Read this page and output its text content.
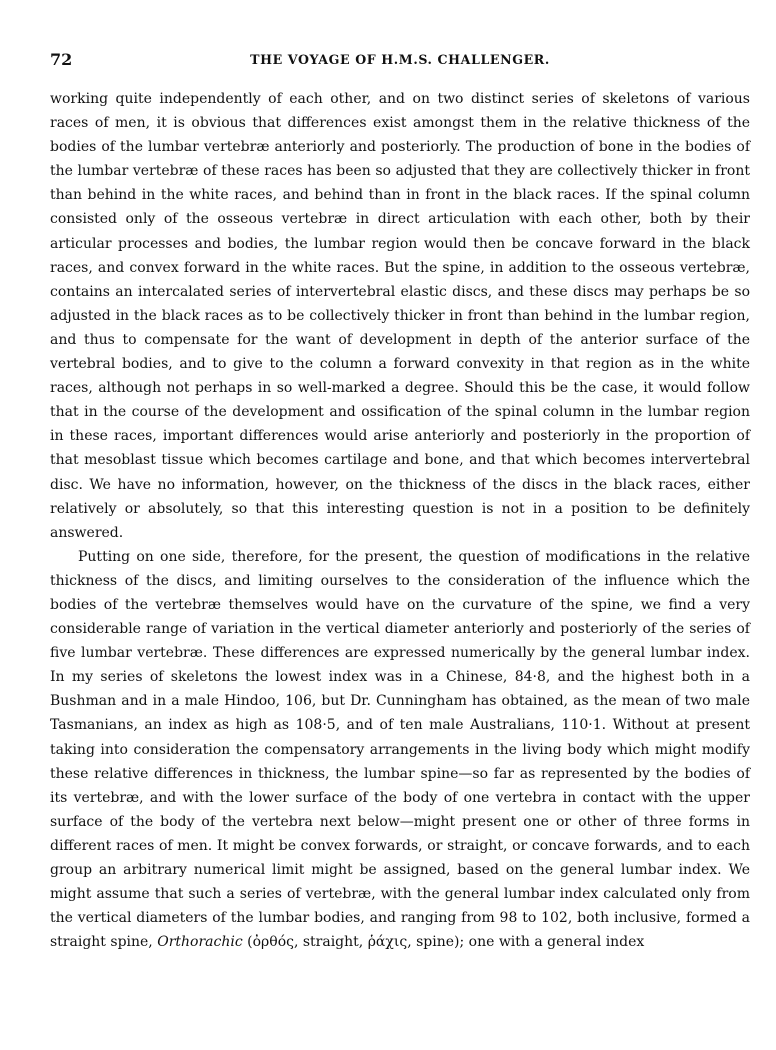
72	THE VOYAGE OF H.M.S. CHALLENGER.

working quite independently of each other, and on two distinct series of skeletons of various races of men, it is obvious that differences exist amongst them in the relative thickness of the bodies of the lumbar vertebræ anteriorly and posteriorly. The production of bone in the bodies of the lumbar vertebræ of these races has been so adjusted that they are collectively thicker in front than behind in the white races, and behind than in front in the black races. If the spinal column consisted only of the osseous vertebræ in direct articulation with each other, both by their articular processes and bodies, the lumbar region would then be concave forward in the black races, and convex forward in the white races. But the spine, in addition to the osseous vertebræ, contains an intercalated series of intervertebral elastic discs, and these discs may perhaps be so adjusted in the black races as to be collectively thicker in front than behind in the lumbar region, and thus to compensate for the want of development in depth of the anterior surface of the vertebral bodies, and to give to the column a forward convexity in that region as in the white races, although not perhaps in so well-marked a degree. Should this be the case, it would follow that in the course of the development and ossification of the spinal column in the lumbar region in these races, important differences would arise anteriorly and posteriorly in the proportion of that mesoblast tissue which becomes cartilage and bone, and that which becomes intervertebral disc. We have no information, however, on the thickness of the discs in the black races, either relatively or absolutely, so that this interesting question is not in a position to be definitely answered.

Putting on one side, therefore, for the present, the question of modifications in the relative thickness of the discs, and limiting ourselves to the consideration of the influence which the bodies of the vertebræ themselves would have on the curvature of the spine, we find a very considerable range of variation in the vertical diameter anteriorly and posteriorly of the series of five lumbar vertebræ. These differences are expressed numerically by the general lumbar index. In my series of skeletons the lowest index was in a Chinese, 84·8, and the highest both in a Bushman and in a male Hindoo, 106, but Dr. Cunningham has obtained, as the mean of two male Tasmanians, an index as high as 108·5, and of ten male Australians, 110·1. Without at present taking into consideration the compensatory arrangements in the living body which might modify these relative differences in thickness, the lumbar spine—so far as represented by the bodies of its vertebræ, and with the lower surface of the body of one vertebra in contact with the upper surface of the body of the vertebra next below—might present one or other of three forms in different races of men. It might be convex forwards, or straight, or concave forwards, and to each group an arbitrary numerical limit might be assigned, based on the general lumbar index. We might assume that such a series of vertebræ, with the general lumbar index calculated only from the vertical diameters of the lumbar bodies, and ranging from 98 to 102, both inclusive, formed a straight spine, Orthorachic (ὀρθός, straight, ῥάχις, spine); one with a general index
